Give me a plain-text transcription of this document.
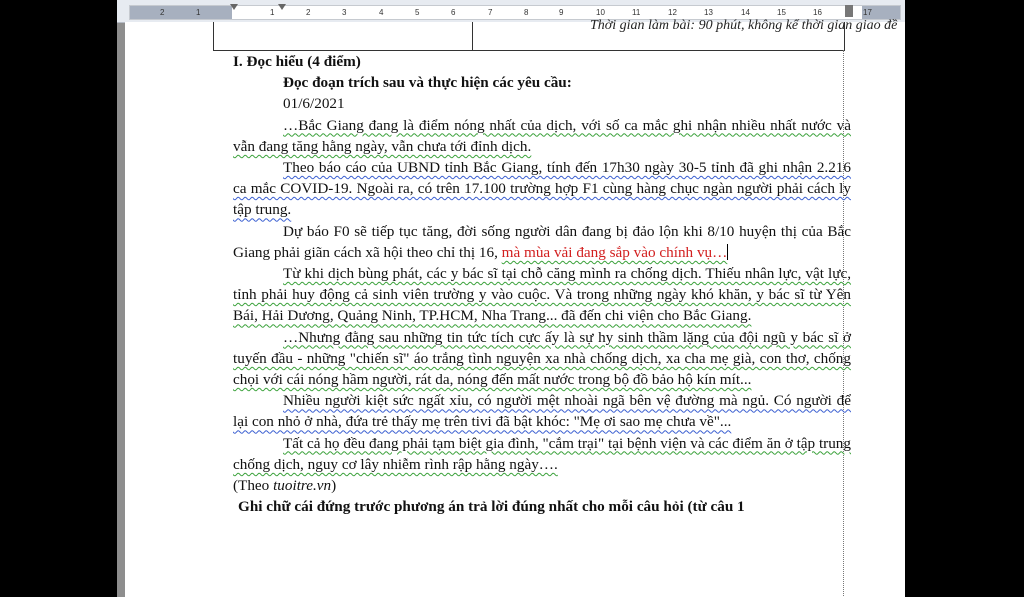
2	1	1	2	3	4	5	6	7	8	9	10	11	12	13	14	15	16	17
Thời gian làm bài: 90 phút, không kể thời gian giao đề

I. Đọc hiểu (4 điểm)

Đọc đoạn trích sau và thực hiện các yêu cầu:

01/6/2021

…Bắc Giang đang là điểm nóng nhất của dịch, với số ca mắc ghi nhận nhiều nhất nước và vẫn đang tăng hằng ngày, vẫn chưa tới đỉnh dịch.

Theo báo cáo của UBND tỉnh Bắc Giang, tính đến 17h30 ngày 30-5 tỉnh đã ghi nhận 2.216 ca mắc COVID-19. Ngoài ra, có trên 17.100 trường hợp F1 cùng hàng chục ngàn người phải cách ly tập trung.

Dự báo F0 sẽ tiếp tục tăng, đời sống người dân đang bị đảo lộn khi 8/10 huyện thị của Bắc Giang phải giãn cách xã hội theo chỉ thị 16, mà mùa vải đang sắp vào chính vụ…

Từ khi dịch bùng phát, các y bác sĩ tại chỗ căng mình ra chống dịch. Thiếu nhân lực, vật lực, tỉnh phải huy động cả sinh viên trường y vào cuộc. Và trong những ngày khó khăn, y bác sĩ từ Yên Bái, Hải Dương, Quảng Ninh, TP.HCM, Nha Trang... đã đến chi viện cho Bắc Giang.

…Nhưng đằng sau những tin tức tích cực ấy là sự hy sinh thầm lặng của đội ngũ y bác sĩ ở tuyến đầu - những "chiến sĩ" áo trắng tình nguyện xa nhà chống dịch, xa cha mẹ già, con thơ, chống chọi với cái nóng hầm người, rát da, nóng đến mất nước trong bộ đồ bảo hộ kín mít...

Nhiều người kiệt sức ngất xỉu, có người mệt nhoài ngã bên vệ đường mà ngủ. Có người để lại con nhỏ ở nhà, đứa trẻ thấy mẹ trên tivi đã bật khóc: "Mẹ ơi sao mẹ chưa về"...

Tất cả họ đều đang phải tạm biệt gia đình, "cắm trại" tại bệnh viện và các điểm ăn ở tập trung chống dịch, nguy cơ lây nhiễm rình rập hằng ngày….

(Theo tuoitre.vn)

Ghi chữ cái đứng trước phương án trả lời đúng nhất cho mỗi câu hỏi (từ câu 1
